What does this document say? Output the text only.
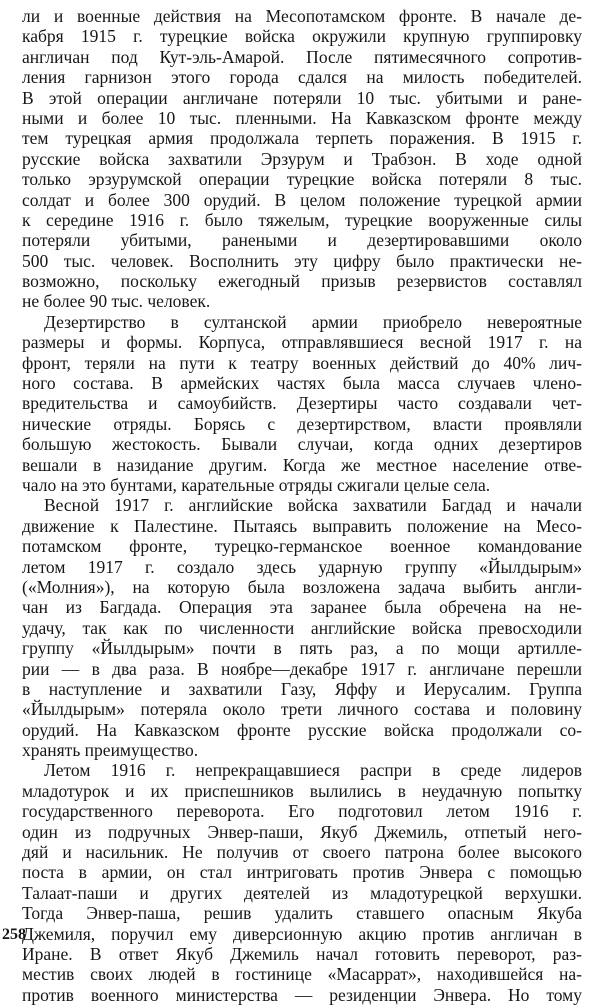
ли и военные действия на Месопотамском фронте. В начале де-
кабря 1915 г. турецкие войска окружили крупную группировку
англичан под Кут-эль-Амарой. После пятимесячного сопротив-
ления гарнизон этого города сдался на милость победителей.
В этой операции англичане потеряли 10 тыс. убитыми и ране-
ными и более 10 тыс. пленными. На Кавказском фронте между
тем турецкая армия продолжала терпеть поражения. В 1915 г.
русские войска захватили Эрзурум и Трабзон. В ходе одной
только эрзурумской операции турецкие войска потеряли 8 тыс.
солдат и более 300 орудий. В целом положение турецкой армии
к середине 1916 г. было тяжелым, турецкие вооруженные силы
потеряли убитыми, ранеными и дезертировавшими около
500 тыс. человек. Восполнить эту цифру было практически не-
возможно, поскольку ежегодный призыв резервистов составлял
не более 90 тыс. человек.
Дезертирство в султанской армии приобрело невероятные
размеры и формы. Корпуса, отправлявшиеся весной 1917 г. на
фронт, теряли на пути к театру военных действий до 40% лич-
ного состава. В армейских частях была масса случаев члено-
вредительства и самоубийств. Дезертиры часто создавали чет-
нические отряды. Борясь с дезертирством, власти проявляли
большую жестокость. Бывали случаи, когда одних дезертиров
вешали в назидание другим. Когда же местное население отве-
чало на это бунтами, карательные отряды сжигали целые села.
Весной 1917 г. английские войска захватили Багдад и начали
движение к Палестине. Пытаясь выправить положение на Месо-
потамском фронте, турецко-германское военное командование
летом 1917 г. создало здесь ударную группу «Йылдырым»
(«Молния»), на которую была возложена задача выбить англи-
чан из Багдада. Операция эта заранее была обречена на не-
удачу, так как по численности английские войска превосходили
группу «Йылдырым» почти в пять раз, а по мощи артилле-
рии — в два раза. В ноябре—декабре 1917 г. англичане перешли
в наступление и захватили Газу, Яффу и Иерусалим. Группа
«Йылдырым» потеряла около трети личного состава и половину
орудий. На Кавказском фронте русские войска продолжали со-
хранять преимущество.
Летом 1916 г. непрекращавшиеся распри в среде лидеров
младотурок и их приспешников вылились в неудачную попытку
государственного переворота. Его подготовил летом 1916 г.
один из подручных Энвер-паши, Якуб Джемиль, отпетый него-
дяй и насильник. Не получив от своего патрона более высокого
поста в армии, он стал интриговать против Энвера с помощью
Талаат-паши и других деятелей из младотурецкой верхушки.
Тогда Энвер-паша, решив удалить ставшего опасным Якуба
Джемиля, поручил ему диверсионную акцию против англичан в
Иране. В ответ Якуб Джемиль начал готовить переворот, раз-
местив своих людей в гостинице «Масаррат», находившейся на-
против военного министерства — резиденции Энвера. Но тому
258
